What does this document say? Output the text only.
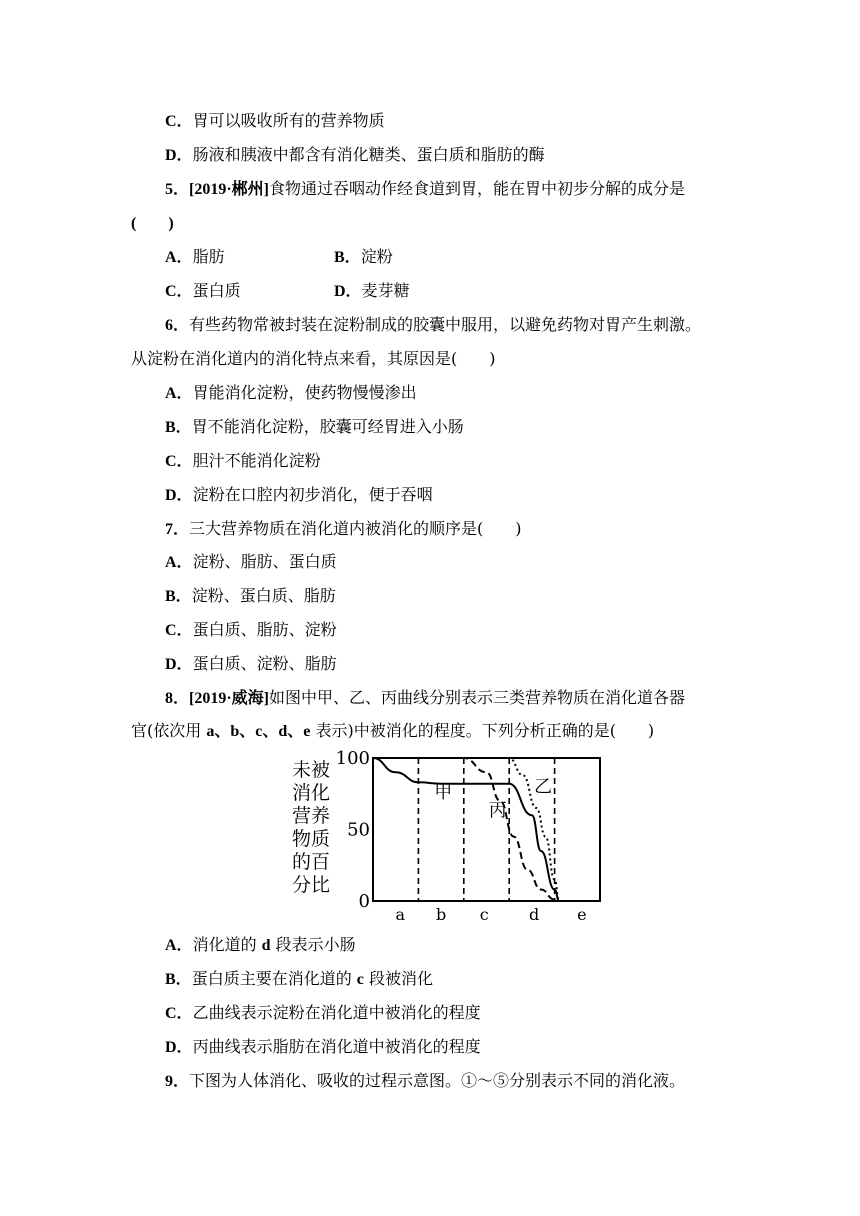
C．胃可以吸收所有的营养物质
D．肠液和胰液中都含有消化糖类、蛋白质和脂肪的酶
5．[2019·郴州]食物通过吞咽动作经食道到胃，能在胃中初步分解的成分是
(　　)
A．脂肪	B．淀粉
C．蛋白质	D．麦芽糖
6．有些药物常被封装在淀粉制成的胶囊中服用，以避免药物对胃产生刺激。
从淀粉在消化道内的消化特点来看，其原因是(　　)
A．胃能消化淀粉，使药物慢慢渗出
B．胃不能消化淀粉，胶囊可经胃进入小肠
C．胆汁不能消化淀粉
D．淀粉在口腔内初步消化，便于吞咽
7．三大营养物质在消化道内被消化的顺序是(　　)
A．淀粉、脂肪、蛋白质
B．淀粉、蛋白质、脂肪
C．蛋白质、脂肪、淀粉
D．蛋白质、淀粉、脂肪
8．[2019·威海]如图中甲、乙、丙曲线分别表示三类营养物质在消化道各器
官(依次用 a、b、c、d、e 表示)中被消化的程度。下列分析正确的是(　　)
未被
消化
营养
物质
的百
分比
100
50
0
甲	乙
丙
a b c	d e
A．消化道的 d 段表示小肠
B．蛋白质主要在消化道的 c 段被消化
C．乙曲线表示淀粉在消化道中被消化的程度
D．丙曲线表示脂肪在消化道中被消化的程度
9．下图为人体消化、吸收的过程示意图。①～⑤分别表示不同的消化液。
